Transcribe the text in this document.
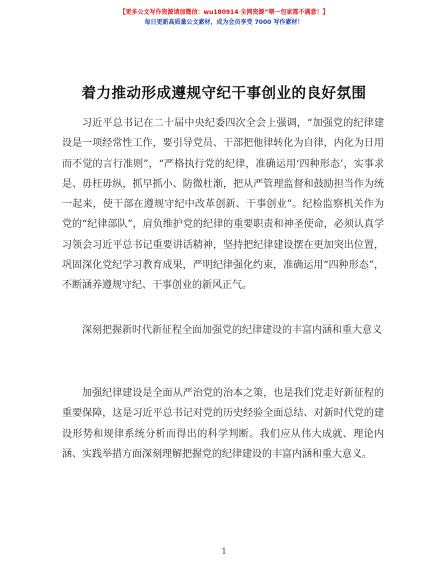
【更多公文写作资源请加微信：wu180914 全网资源”喂一包家都不满意！】
每日更新高质量公文素材，成为会员享受 7000 写作素材！
着力推动形成遵规守纪干事创业的良好氛围

习近平总书记在二十届中央纪委四次全会上强调，“加强党的纪律建设是一项经常性工作，要引导党员、干部把他律转化为自律，内化为日用而不觉的言行准则”，“严格执行党的纪律，准确运用‘四种形态’，实事求是、毋枉毋纵，抓早抓小、防微杜渐，把从严管理监督和鼓励担当作为统一起来，使干部在遵规守纪中改革创新、干事创业”。纪检监察机关作为党的“纪律部队”，肩负维护党的纪律的重要职责和神圣使命，必须认真学习领会习近平总书记重要讲话精神，坚持把纪律建设摆在更加突出位置，巩固深化党纪学习教育成果，严明纪律强化约束，准确运用“四种形态”，不断涵养遵规守纪、干事创业的新风正气。

深刻把握新时代新征程全面加强党的纪律建设的丰富内涵和重大意义

加强纪律建设是全面从严治党的治本之策，也是我们党走好新征程的重要保障，这是习近平总书记对党的历史经验全面总结、对新时代党的建设形势和规律系统分析而得出的科学判断。我们应从伟大成就、理论内涵、实践举措方面深刻理解把握党的纪律建设的丰富内涵和重大意义。

1
